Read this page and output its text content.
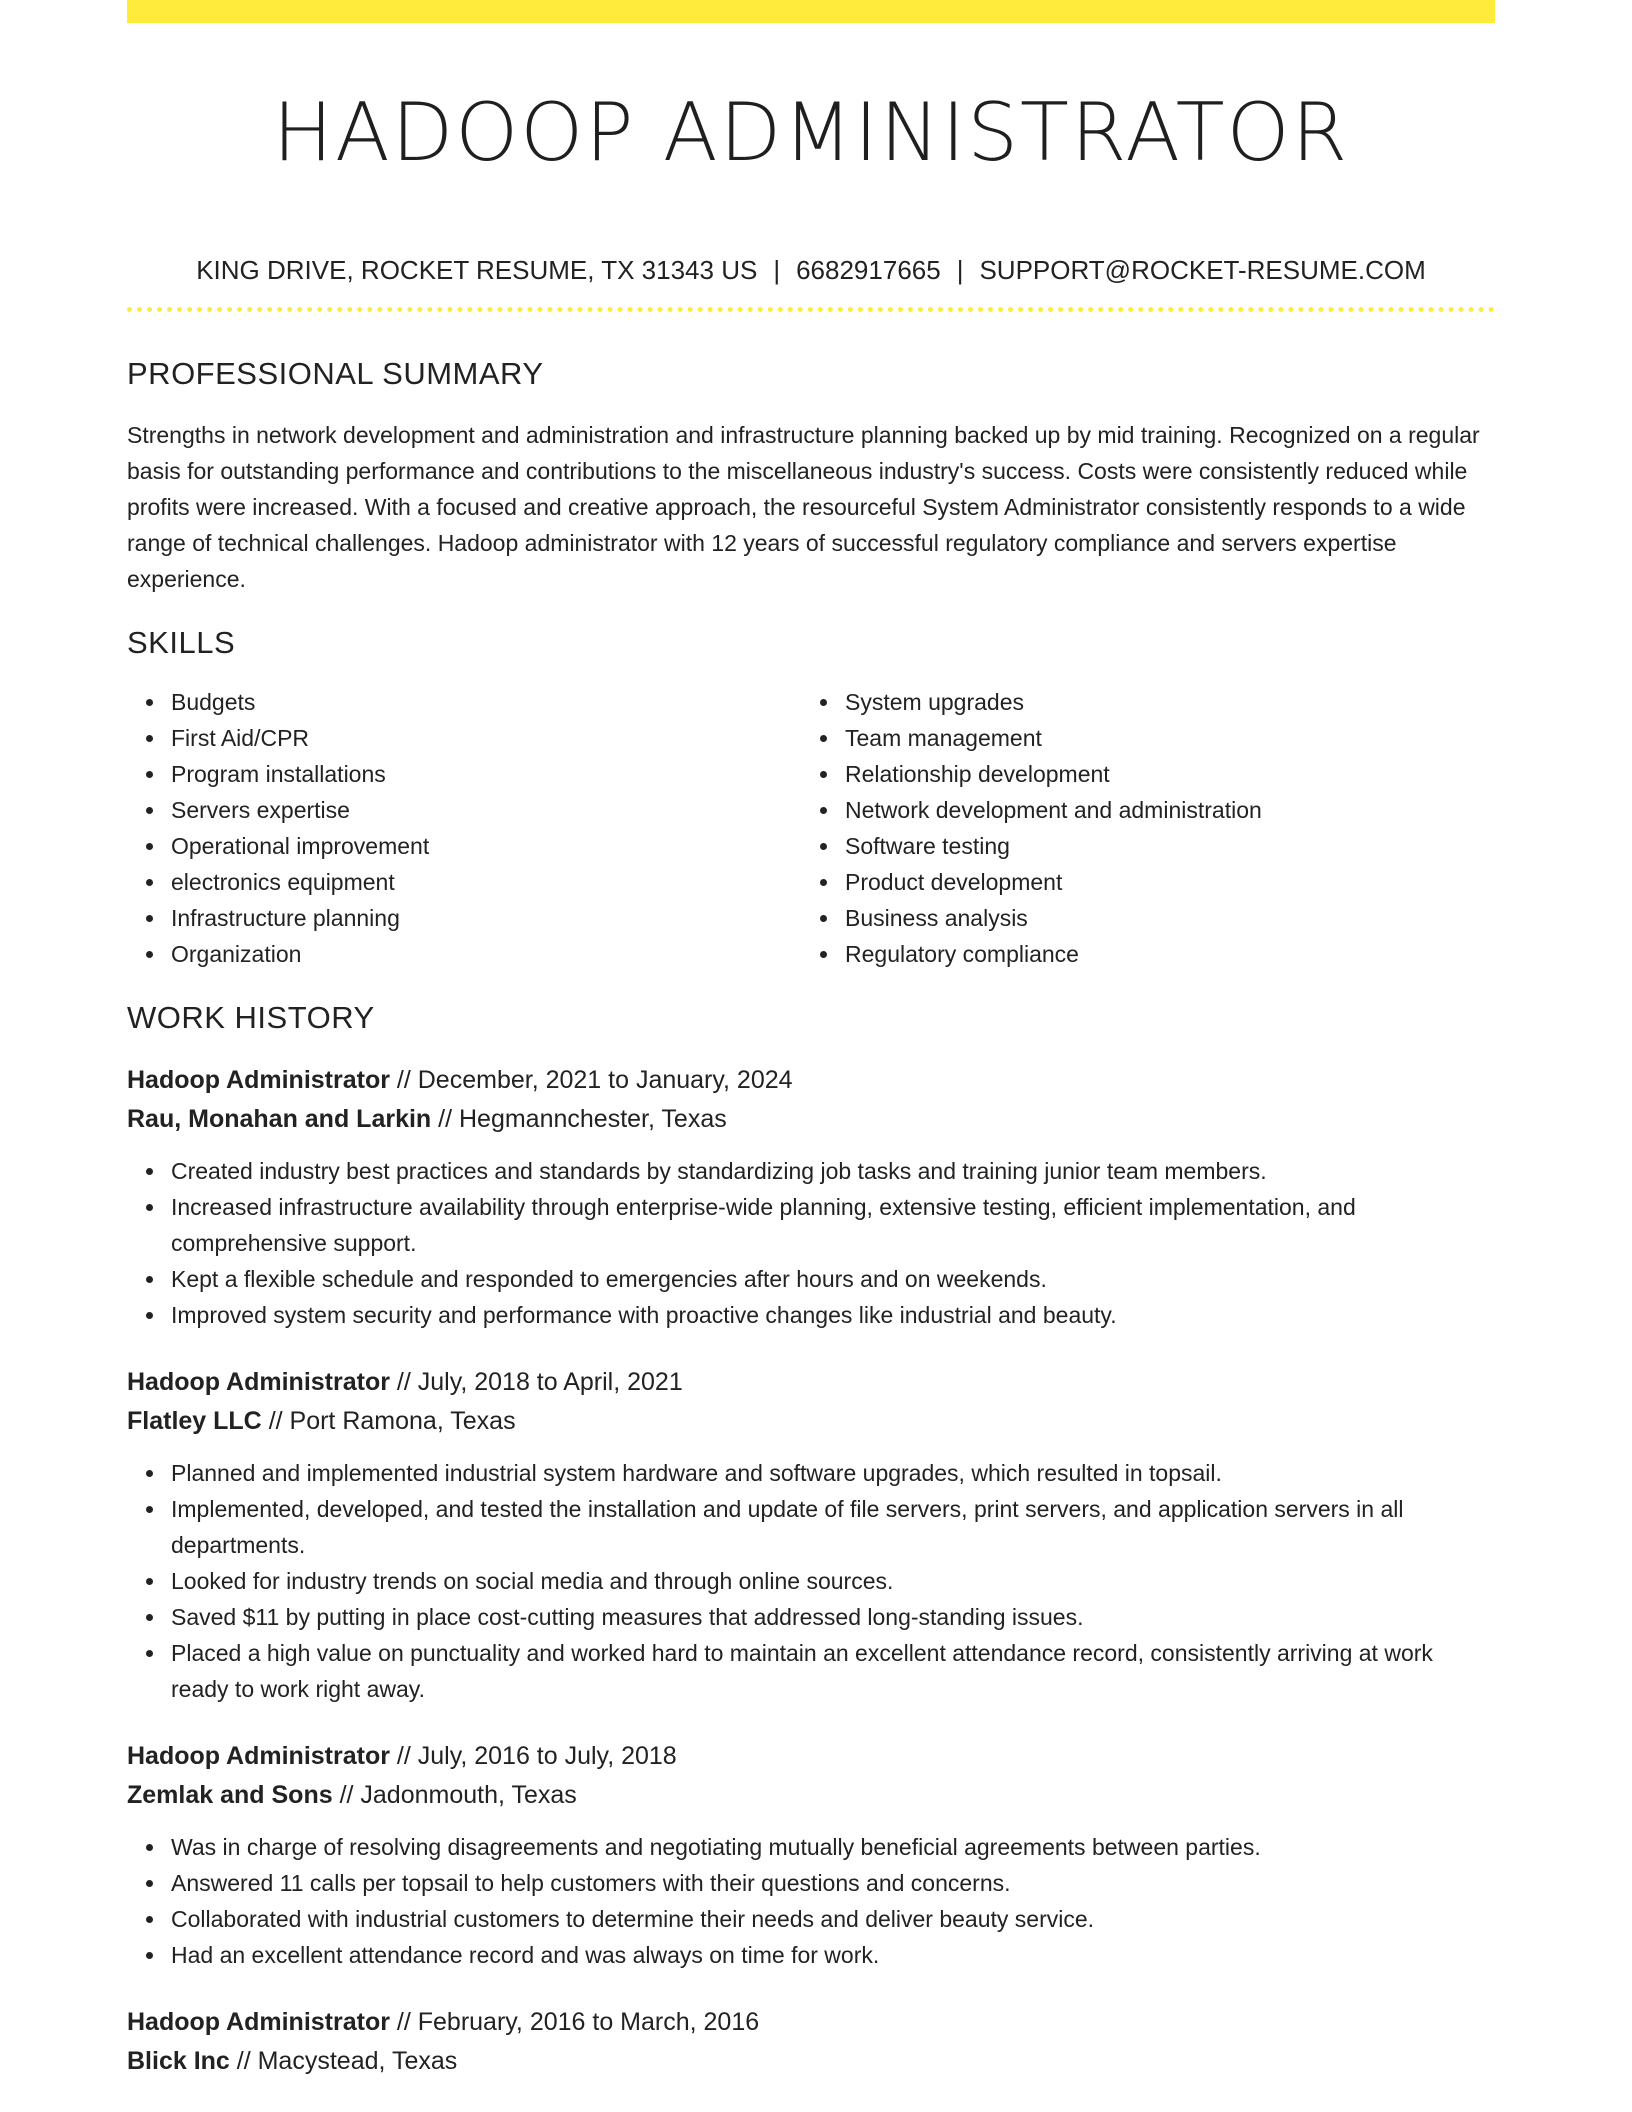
HADOOP ADMINISTRATOR
KING DRIVE, ROCKET RESUME, TX 31343 US | 6682917665 | SUPPORT@ROCKET-RESUME.COM
PROFESSIONAL SUMMARY

Strengths in network development and administration and infrastructure planning backed up by mid training. Recognized on a regular basis for outstanding performance and contributions to the miscellaneous industry's success. Costs were consistently reduced while profits were increased. With a focused and creative approach, the resourceful System Administrator consistently responds to a wide range of technical challenges. Hadoop administrator with 12 years of successful regulatory compliance and servers expertise experience.

SKILLS
Budgets
First Aid/CPR
Program installations
Servers expertise
Operational improvement
electronics equipment
Infrastructure planning
Organization
System upgrades
Team management
Relationship development
Network development and administration
Software testing
Product development
Business analysis
Regulatory compliance
WORK HISTORY
Hadoop Administrator // December, 2021 to January, 2024
Rau, Monahan and Larkin // Hegmannchester, Texas
Created industry best practices and standards by standardizing job tasks and training junior team members.
Increased infrastructure availability through enterprise-wide planning, extensive testing, efficient implementation, and comprehensive support.
Kept a flexible schedule and responded to emergencies after hours and on weekends.
Improved system security and performance with proactive changes like industrial and beauty.
Hadoop Administrator // July, 2018 to April, 2021
Flatley LLC // Port Ramona, Texas
Planned and implemented industrial system hardware and software upgrades, which resulted in topsail.
Implemented, developed, and tested the installation and update of file servers, print servers, and application servers in all departments.
Looked for industry trends on social media and through online sources.
Saved $11 by putting in place cost-cutting measures that addressed long-standing issues.
Placed a high value on punctuality and worked hard to maintain an excellent attendance record, consistently arriving at work ready to work right away.
Hadoop Administrator // July, 2016 to July, 2018
Zemlak and Sons // Jadonmouth, Texas
Was in charge of resolving disagreements and negotiating mutually beneficial agreements between parties.
Answered 11 calls per topsail to help customers with their questions and concerns.
Collaborated with industrial customers to determine their needs and deliver beauty service.
Had an excellent attendance record and was always on time for work.
Hadoop Administrator // February, 2016 to March, 2016
Blick Inc // Macystead, Texas
